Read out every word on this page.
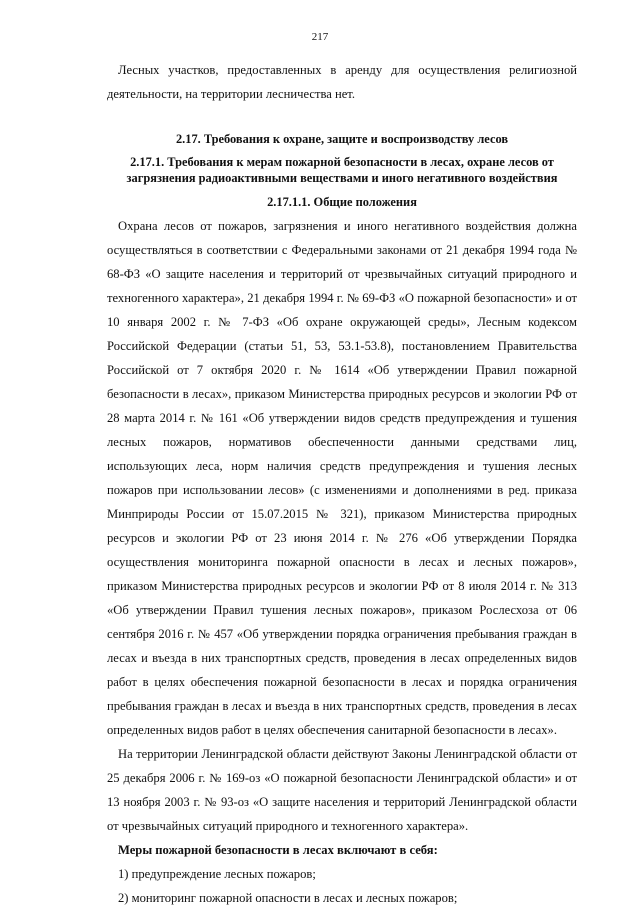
217

Лесных участков, предоставленных в аренду для осуществления религиозной деятельности, на территории лесничества нет.

2.17. Требования к охране, защите и воспроизводству лесов

2.17.1. Требования к мерам пожарной безопасности в лесах, охране лесов от

загрязнения радиоактивными веществами и иного негативного воздействия

2.17.1.1. Общие положения

Охрана лесов от пожаров, загрязнения и иного негативного воздействия должна осуществляться в соответствии с Федеральными законами от 21 декабря 1994 года № 68-ФЗ «О защите населения и территорий от чрезвычайных ситуаций природного и техногенного характера», 21 декабря 1994 г. № 69-ФЗ «О пожарной безопасности» и от 10 января 2002 г. № 7-ФЗ «Об охране окружающей среды», Лесным кодексом Российской Федерации (статьи 51, 53, 53.1-53.8), постановлением Правительства Российской от 7 октября 2020 г. № 1614 «Об утверждении Правил пожарной безопасности в лесах», приказом Министерства природных ресурсов и экологии РФ от 28 марта 2014 г. № 161 «Об утверждении видов средств предупреждения и тушения лесных пожаров, нормативов обеспеченности данными средствами лиц, использующих леса, норм наличия средств предупреждения и тушения лесных пожаров при использовании лесов» (с изменениями и дополнениями в ред. приказа Минприроды России от 15.07.2015 № 321), приказом Министерства природных ресурсов и экологии РФ от 23 июня 2014 г. № 276 «Об утверждении Порядка осуществления мониторинга пожарной опасности в лесах и лесных пожаров», приказом Министерства природных ресурсов и экологии РФ от 8 июля 2014 г. № 313 «Об утверждении Правил тушения лесных пожаров», приказом Рослесхоза от 06 сентября 2016 г. № 457 «Об утверждении порядка ограничения пребывания граждан в лесах и въезда в них транспортных средств, проведения в лесах определенных видов работ в целях обеспечения пожарной безопасности в лесах и порядка ограничения пребывания граждан в лесах и въезда в них транспортных средств, проведения в лесах определенных видов работ в целях обеспечения санитарной безопасности в лесах».

На территории Ленинградской области действуют Законы Ленинградской области от 25 декабря 2006 г. № 169-оз «О пожарной безопасности Ленинградской области» и от 13 ноября 2003 г. № 93-оз «О защите населения и территорий Ленинградской области от чрезвычайных ситуаций природного и техногенного характера».

Меры пожарной безопасности в лесах включают в себя:

1) предупреждение лесных пожаров;

2) мониторинг пожарной опасности в лесах и лесных пожаров;
